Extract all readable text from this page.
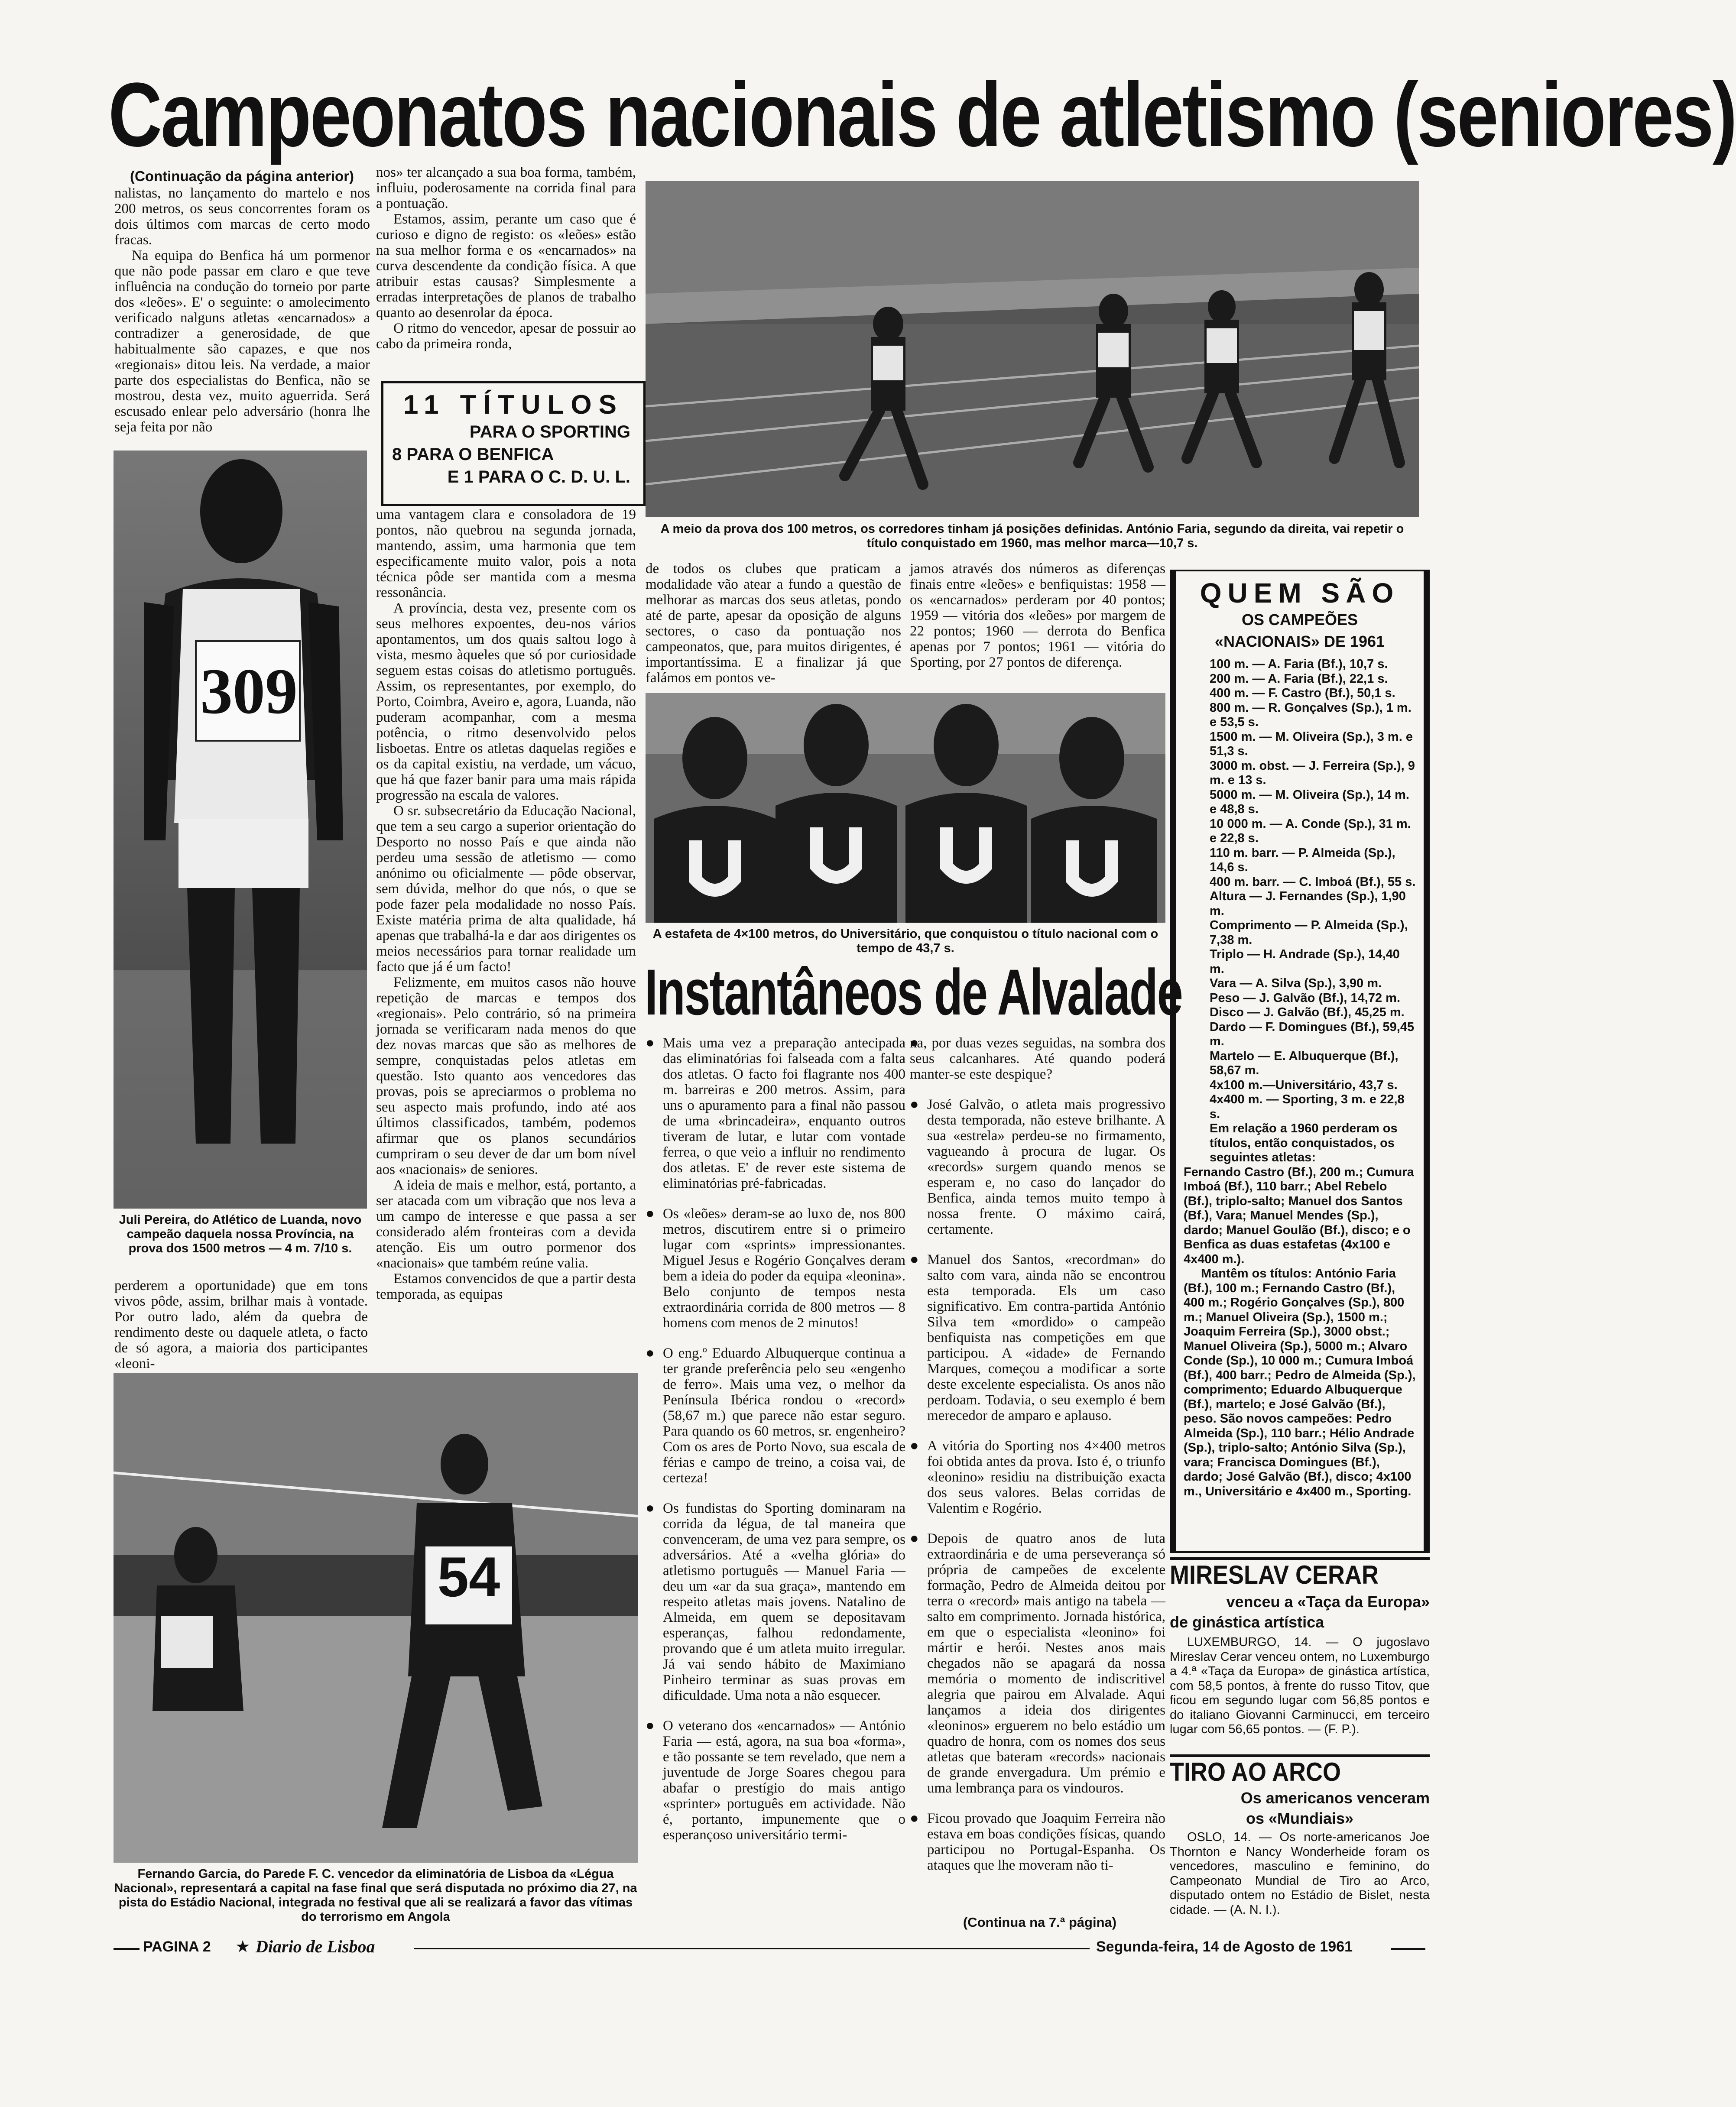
Campeonatos nacionais de atletismo (seniores)
(Continuação da página anterior)

nalistas, no lançamento do martelo e nos 200 metros, os seus concorrentes foram os dois últimos com marcas de certo modo fracas.

Na equipa do Benfica há um pormenor que não pode passar em claro e que teve influência na condução do torneio por parte dos «leões». E' o seguinte: o amolecimento verificado nalguns atletas «encarnados» a contradizer a generosidade, de que habitualmente são capazes, e que nos «regionais» ditou leis. Na verdade, a maior parte dos especialistas do Benfica, não se mostrou, desta vez, muito aguerrida. Será escusado enlear pelo adversário (honra lhe seja feita por não

nos» ter alcançado a sua boa forma, também, influiu, poderosamente na corrida final para a pontuação.

Estamos, assim, perante um caso que é curioso e digno de registo: os «leões» estão na sua melhor forma e os «encarnados» na curva descendente da condição física. A que atribuir estas causas? Simplesmente a erradas interpretações de planos de trabalho quanto ao desenrolar da época.

O ritmo do vencedor, apesar de possuir ao cabo da primeira ronda,

11 TÍTULOS
PARA O SPORTING
8 PARA O BENFICA
E 1 PARA O C. D. U. L.
309
Juli Pereira, do Atlético de Luanda, novo campeão daquela nossa Província, na prova dos 1500 metros — 4 m. 7/10 s.

perderem a oportunidade) que em tons vivos pôde, assim, brilhar mais à vontade. Por outro lado, além da quebra de rendimento deste ou daquele atleta, o facto de só agora, a maioria dos participantes «leoni-

uma vantagem clara e consoladora de 19 pontos, não quebrou na segunda jornada, mantendo, assim, uma harmonia que tem especificamente muito valor, pois a nota técnica pôde ser mantida com a mesma ressonância.

A província, desta vez, presente com os seus melhores expoentes, deu-nos vários apontamentos, um dos quais saltou logo à vista, mesmo àqueles que só por curiosidade seguem estas coisas do atletismo português. Assim, os representantes, por exemplo, do Porto, Coimbra, Aveiro e, agora, Luanda, não puderam acompanhar, com a mesma potência, o ritmo desenvolvido pelos lisboetas. Entre os atletas daquelas regiões e os da capital existiu, na verdade, um vácuo, que há que fazer banir para uma mais rápida progressão na escala de valores.

O sr. subsecretário da Educação Nacional, que tem a seu cargo a superior orientação do Desporto no nosso País e que ainda não perdeu uma sessão de atletismo — como anónimo ou oficialmente — pôde observar, sem dúvida, melhor do que nós, o que se pode fazer pela modalidade no nosso País. Existe matéria prima de alta qualidade, há apenas que trabalhá-la e dar aos dirigentes os meios necessários para tornar realidade um facto que já é um facto!

Felizmente, em muitos casos não houve repetição de marcas e tempos dos «regionais». Pelo contrário, só na primeira jornada se verificaram nada menos do que dez novas marcas que são as melhores de sempre, conquistadas pelos atletas em questão. Isto quanto aos vencedores das provas, pois se apreciarmos o problema no seu aspecto mais profundo, indo até aos últimos classificados, também, podemos afirmar que os planos secundários cumpriram o seu dever de dar um bom nível aos «nacionais» de seniores.

A ideia de mais e melhor, está, portanto, a ser atacada com um vibração que nos leva a um campo de interesse e que passa a ser considerado além fronteiras com a devida atenção. Eis um outro pormenor dos «nacionais» que também reúne valia.

Estamos convencidos de que a partir desta temporada, as equipas

A meio da prova dos 100 metros, os corredores tinham já posições definidas. António Faria, segundo da direita, vai repetir o título conquistado em 1960, mas melhor marca—10,7 s.

de todos os clubes que praticam a modalidade vão atear a fundo a questão de melhorar as marcas dos seus atletas, pondo até de parte, apesar da oposição de alguns sectores, o caso da pontuação nos campeonatos, que, para muitos dirigentes, é importantíssima. E a finalizar já que falámos em pontos ve-

jamos através dos números as diferenças finais entre «leões» e benfiquistas: 1958 — os «encarnados» perderam por 40 pontos; 1959 — vitória dos «leões» por margem de 22 pontos; 1960 — derrota do Benfica apenas por 7 pontos; 1961 — vitória do Sporting, por 27 pontos de diferença.

A estafeta de 4×100 metros, do Universitário, que conquistou o título nacional com o tempo de 43,7 s.
Instantâneos de Alvalade

● Mais uma vez a preparação antecipada das eliminatórias foi falseada com a falta dos atletas. O facto foi flagrante nos 400 m. barreiras e 200 metros. Assim, para uns o apuramento para a final não passou de uma «brincadeira», enquanto outros tiveram de lutar, e lutar com vontade ferrea, o que veio a influir no rendimento dos atletas. E' de rever este sistema de eliminatórias pré-fabricadas.

● Os «leões» deram-se ao luxo de, nos 800 metros, discutirem entre si o primeiro lugar com «sprints» impressionantes. Miguel Jesus e Rogério Gonçalves deram bem a ideia do poder da equipa «leonina». Belo conjunto de tempos nesta extraordinária corrida de 800 metros — 8 homens com menos de 2 minutos!

● O eng.º Eduardo Albuquerque continua a ter grande preferência pelo seu «engenho de ferro». Mais uma vez, o melhor da Península Ibérica rondou o «record» (58,67 m.) que parece não estar seguro. Para quando os 60 metros, sr. engenheiro? Com os ares de Porto Novo, sua escala de férias e campo de treino, a coisa vai, de certeza!

● Os fundistas do Sporting dominaram na corrida da légua, de tal maneira que convenceram, de uma vez para sempre, os adversários. Até a «velha glória» do atletismo português — Manuel Faria — deu um «ar da sua graça», mantendo em respeito atletas mais jovens. Natalino de Almeida, em quem se depositavam esperanças, falhou redondamente, provando que é um atleta muito irregular. Já vai sendo hábito de Maximiano Pinheiro terminar as suas provas em dificuldade. Uma nota a não esquecer.

● O veterano dos «encarnados» — António Faria — está, agora, na sua boa «forma», e tão possante se tem revelado, que nem a juventude de Jorge Soares chegou para abafar o prestígio do mais antigo «sprinter» português em actividade. Não é, portanto, impunemente que o esperançoso universitário termi-

● na, por duas vezes seguidas, na sombra dos seus calcanhares. Até quando poderá manter-se este despique?

● José Galvão, o atleta mais progressivo desta temporada, não esteve brilhante. A sua «estrela» perdeu-se no firmamento, vagueando à procura de lugar. Os «records» surgem quando menos se esperam e, no caso do lançador do Benfica, ainda temos muito tempo à nossa frente. O máximo cairá, certamente.

● Manuel dos Santos, «recordman» do salto com vara, ainda não se encontrou esta temporada. Els um caso significativo. Em contra-partida António Silva tem «mordido» o campeão benfiquista nas competições em que participou. A «idade» de Fernando Marques, começou a modificar a sorte deste excelente especialista. Os anos não perdoam. Todavia, o seu exemplo é bem merecedor de amparo e aplauso.

● A vitória do Sporting nos 4×400 metros foi obtida antes da prova. Isto é, o triunfo «leonino» residiu na distribuição exacta dos seus valores. Belas corridas de Valentim e Rogério.

● Depois de quatro anos de luta extraordinária e de uma perseverança só própria de campeões de excelente formação, Pedro de Almeida deitou por terra o «record» mais antigo na tabela — salto em comprimento. Jornada histórica, em que o especialista «leonino» foi mártir e herói. Nestes anos mais chegados não se apagará da nossa memória o momento de indiscritivel alegria que pairou em Alvalade. Aqui lançamos a ideia dos dirigentes «leoninos» erguerem no belo estádio um quadro de honra, com os nomes dos seus atletas que bateram «records» nacionais de grande envergadura. Um prémio e uma lembrança para os vindouros.

● Ficou provado que Joaquim Ferreira não estava em boas condições físicas, quando participou no Portugal-Espanha. Os ataques que lhe moveram não ti-

(Continua na 7.ª página)
54
Fernando Garcia, do Parede F. C. vencedor da eliminatória de Lisboa da «Légua Nacional», representará a capital na fase final que será disputada no próximo dia 27, na pista do Estádio Nacional, integrada no festival que ali se realizará a favor das vítimas do terrorismo em Angola
QUEM SÃO
OS CAMPEÕES
«NACIONAIS» DE 1961
100 m. — A. Faria (Bf.), 10,7 s.
200 m. — A. Faria (Bf.), 22,1 s.
400 m. — F. Castro (Bf.), 50,1 s.
800 m. — R. Gonçalves (Sp.), 1 m. e 53,5 s.
1500 m. — M. Oliveira (Sp.), 3 m. e 51,3 s.
3000 m. obst. — J. Ferreira (Sp.), 9 m. e 13 s.
5000 m. — M. Oliveira (Sp.), 14 m. e 48,8 s.
10 000 m. — A. Conde (Sp.), 31 m. e 22,8 s.
110 m. barr. — P. Almeida (Sp.), 14,6 s.
400 m. barr. — C. Imboá (Bf.), 55 s.
Altura — J. Fernandes (Sp.), 1,90 m.
Comprimento — P. Almeida (Sp.), 7,38 m.
Triplo — H. Andrade (Sp.), 14,40 m.
Vara — A. Silva (Sp.), 3,90 m.
Peso — J. Galvão (Bf.), 14,72 m.
Disco — J. Galvão (Bf.), 45,25 m.
Dardo — F. Domingues (Bf.), 59,45 m.
Martelo — E. Albuquerque (Bf.), 58,67 m.
4x100 m.—Universitário, 43,7 s.
4x400 m. — Sporting, 3 m. e 22,8 s.
Em relação a 1960 perderam os títulos, então conquistados, os seguintes atletas:
Fernando Castro (Bf.), 200 m.; Cumura Imboá (Bf.), 110 barr.; Abel Rebelo (Bf.), triplo-salto; Manuel dos Santos (Bf.), Vara; Manuel Mendes (Sp.), dardo; Manuel Goulão (Bf.), disco; e o Benfica as duas estafetas (4x100 e 4x400 m.).
Mantêm os títulos: António Faria (Bf.), 100 m.; Fernando Castro (Bf.), 400 m.; Rogério Gonçalves (Sp.), 800 m.; Manuel Oliveira (Sp.), 1500 m.; Joaquim Ferreira (Sp.), 3000 obst.; Manuel Oliveira (Sp.), 5000 m.; Alvaro Conde (Sp.), 10 000 m.; Cumura Imboá (Bf.), 400 barr.; Pedro de Almeida (Sp.), comprimento; Eduardo Albuquerque (Bf.), martelo; e José Galvão (Bf.), peso. São novos campeões: Pedro Almeida (Sp.), 110 barr.; Hélio Andrade (Sp.), triplo-salto; António Silva (Sp.), vara; Francisca Domingues (Bf.), dardo; José Galvão (Bf.), disco; 4x100 m., Universitário e 4x400 m., Sporting.
MIRESLAV CERAR
venceu a «Taça da Europa»
de ginástica artística
LUXEMBURGO, 14. — O jugoslavo Mireslav Cerar venceu ontem, no Luxemburgo a 4.ª «Taça da Europa» de ginástica artística, com 58,5 pontos, à frente do russo Titov, que ficou em segundo lugar com 56,85 pontos e do italiano Giovanni Carminucci, em terceiro lugar com 56,65 pontos. — (F. P.).
TIRO AO ARCO
Os americanos venceram
os «Mundiais»
OSLO, 14. — Os norte-americanos Joe Thornton e Nancy Wonderheide foram os vencedores, masculino e feminino, do Campeonato Mundial de Tiro ao Arco, disputado ontem no Estádio de Bislet, nesta cidade. — (A. N. I.).
PAGINA 2 ★ Diario de Lisboa	Segunda-feira, 14 de Agosto de 1961
